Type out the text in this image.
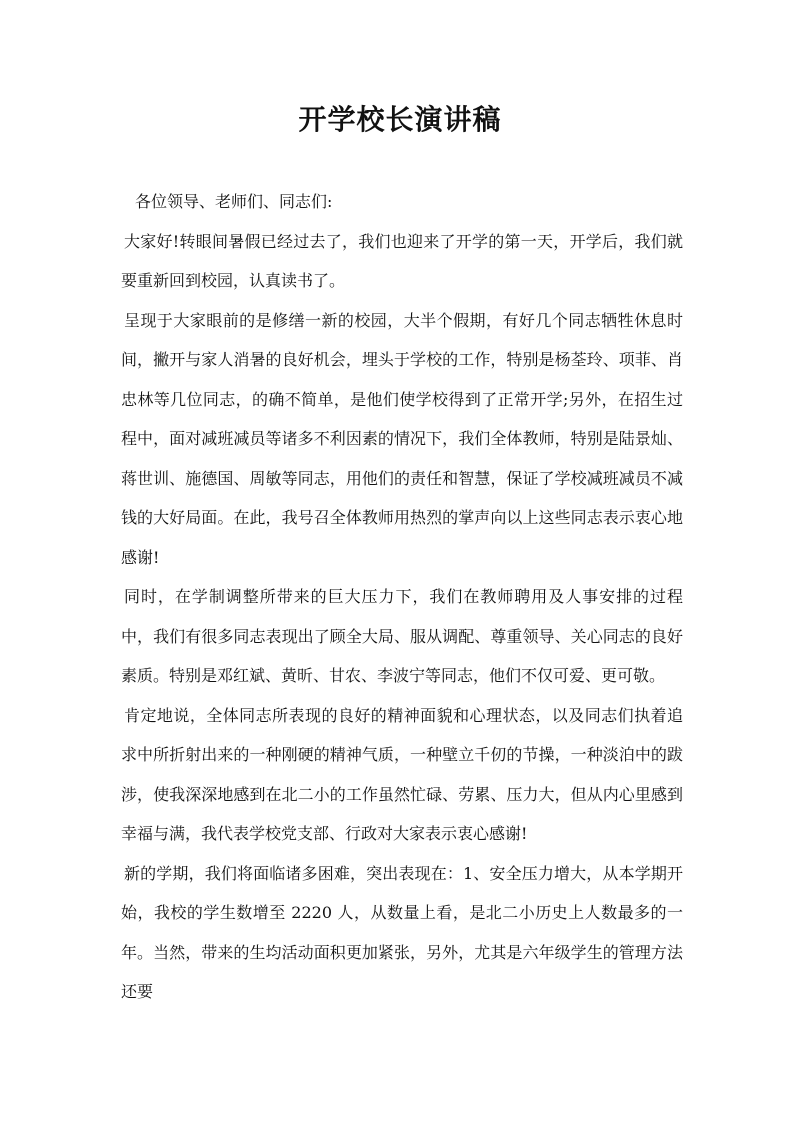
开学校长演讲稿

各位领导、老师们、同志们:

大家好!转眼间暑假已经过去了，我们也迎来了开学的第一天，开学后，我们就要重新回到校园，认真读书了。

呈现于大家眼前的是修缮一新的校园，大半个假期，有好几个同志牺牲休息时间，撇开与家人消暑的良好机会，埋头于学校的工作，特别是杨荃玲、项菲、肖忠林等几位同志，的确不简单，是他们使学校得到了正常开学;另外，在招生过程中，面对减班减员等诸多不利因素的情况下，我们全体教师，特别是陆景灿、蒋世训、施德国、周敏等同志，用他们的责任和智慧，保证了学校减班减员不减钱的大好局面。在此，我号召全体教师用热烈的掌声向以上这些同志表示衷心地感谢!

同时，在学制调整所带来的巨大压力下，我们在教师聘用及人事安排的过程中，我们有很多同志表现出了顾全大局、服从调配、尊重领导、关心同志的良好素质。特别是邓红斌、黄昕、甘农、李波宁等同志，他们不仅可爱、更可敬。

肯定地说，全体同志所表现的良好的精神面貌和心理状态，以及同志们执着追求中所折射出来的一种刚硬的精神气质，一种壁立千仞的节操，一种淡泊中的跋涉，使我深深地感到在北二小的工作虽然忙碌、劳累、压力大，但从内心里感到幸福与满，我代表学校党支部、行政对大家表示衷心感谢!

新的学期，我们将面临诸多困难，突出表现在：1、安全压力增大，从本学期开始，我校的学生数增至 2220 人，从数量上看，是北二小历史上人数最多的一年。当然，带来的生均活动面积更加紧张，另外，尤其是六年级学生的管理方法还要
